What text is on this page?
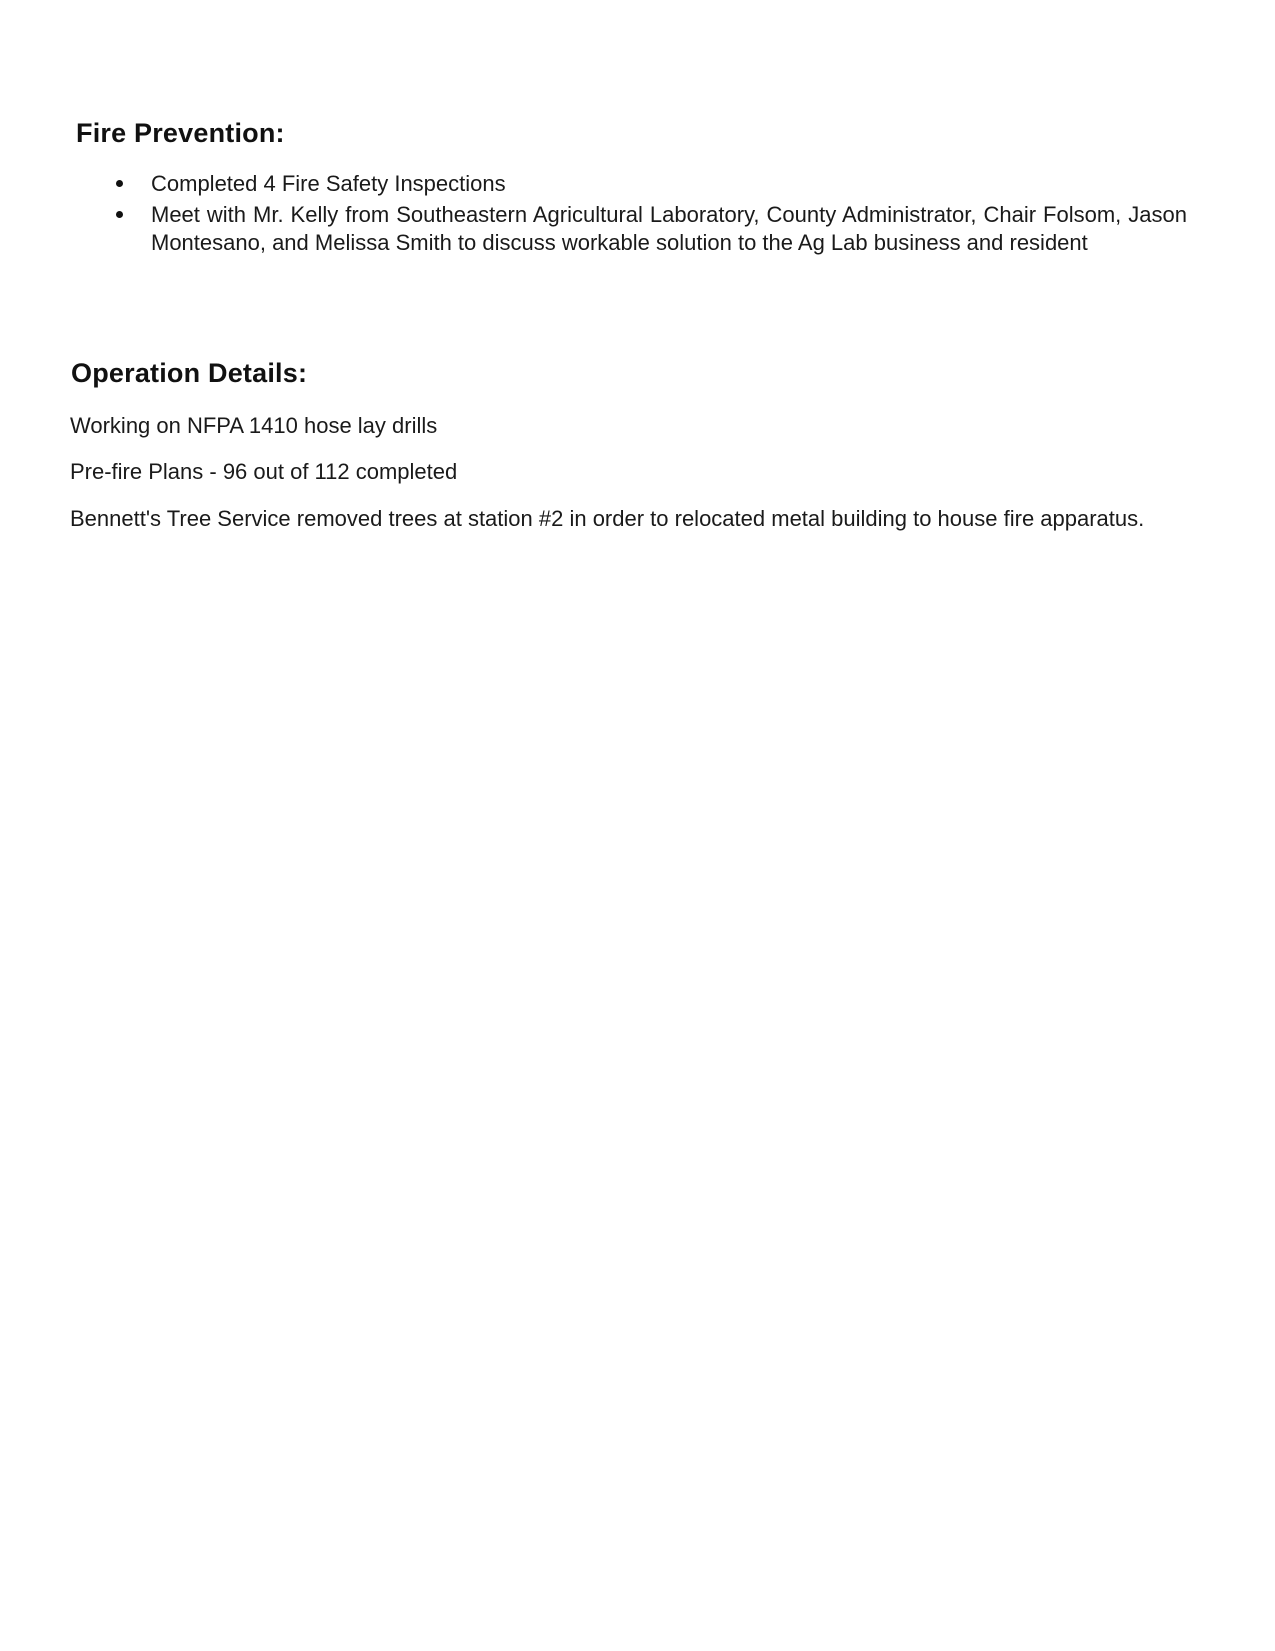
Fire Prevention:
Completed 4 Fire Safety Inspections
Meet with Mr. Kelly from Southeastern Agricultural Laboratory, County Administrator, Chair Folsom, Jason Montesano, and Melissa Smith to discuss workable solution to the Ag Lab business and resident
Operation Details:

Working on NFPA 1410 hose lay drills

Pre-fire Plans - 96 out of 112 completed

Bennett's Tree Service removed trees at station #2 in order to relocated metal building to house fire apparatus.
